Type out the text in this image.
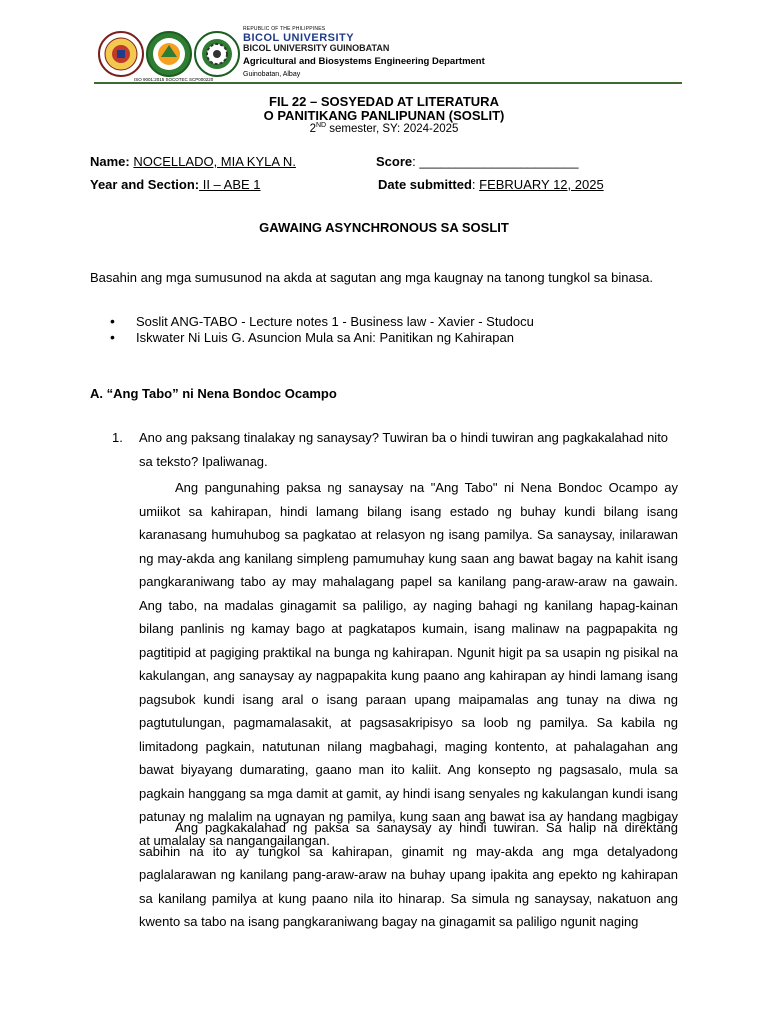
ISO 9001:2015 SOCOTEC SCP000220
REPUBLIC OF THE PHILIPPINES
BICOL UNIVERSITY
BICOL UNIVERSITY GUINOBATAN
Agricultural and Biosystems Engineering Department
Guinobatan, Albay
FIL 22 – SOSYEDAD AT LITERATURA
O PANITIKANG PANLIPUNAN (SOSLIT)
2ND semester, SY: 2024-2025
Name: NOCELLADO, MIA KYLA N.	Score: ______________________
Year and Section: II – ABE 1	Date submitted: FEBRUARY 12, 2025
GAWAING ASYNCHRONOUS SA SOSLIT
Basahin ang mga sumusunod na akda at sagutan ang mga kaugnay na tanong tungkol sa binasa.
• Soslit ANG-TABO - Lecture notes 1 - Business law - Xavier - Studocu
• Iskwater Ni Luis G. Asuncion Mula sa Ani: Panitikan ng Kahirapan
A. “Ang Tabo” ni Nena Bondoc Ocampo
1.	Ano ang paksang tinalakay ng sanaysay? Tuwiran ba o hindi tuwiran ang pagkakalahad nito sa teksto? Ipaliwanag.

Ang pangunahing paksa ng sanaysay na "Ang Tabo" ni Nena Bondoc Ocampo ay umiikot sa kahirapan, hindi lamang bilang isang estado ng buhay kundi bilang isang karanasang humuhubog sa pagkatao at relasyon ng isang pamilya. Sa sanaysay, inilarawan ng may-akda ang kanilang simpleng pamumuhay kung saan ang bawat bagay na kahit isang pangkaraniwang tabo ay may mahalagang papel sa kanilang pang-araw-araw na gawain. Ang tabo, na madalas ginagamit sa paliligo, ay naging bahagi ng kanilang hapag-kainan bilang panlinis ng kamay bago at pagkatapos kumain, isang malinaw na pagpapakita ng pagtitipid at pagiging praktikal na bunga ng kahirapan. Ngunit higit pa sa usapin ng pisikal na kakulangan, ang sanaysay ay nagpapakita kung paano ang kahirapan ay hindi lamang isang pagsubok kundi isang aral o isang paraan upang maipamalas ang tunay na diwa ng pagtutulungan, pagmamalasakit, at pagsasakripisyo sa loob ng pamilya. Sa kabila ng limitadong pagkain, natutunan nilang magbahagi, maging kontento, at pahalagahan ang bawat biyayang dumarating, gaano man ito kaliit. Ang konsepto ng pagsasalo, mula sa pagkain hanggang sa mga damit at gamit, ay hindi isang senyales ng kakulangan kundi isang patunay ng malalim na ugnayan ng pamilya, kung saan ang bawat isa ay handang magbigay at umalalay sa nangangailangan.

Ang pagkakalahad ng paksa sa sanaysay ay hindi tuwiran. Sa halip na direktang sabihin na ito ay tungkol sa kahirapan, ginamit ng may-akda ang mga detalyadong paglalarawan ng kanilang pang-araw-araw na buhay upang ipakita ang epekto ng kahirapan sa kanilang pamilya at kung paano nila ito hinarap. Sa simula ng sanaysay, nakatuon ang kwento sa tabo na isang pangkaraniwang bagay na ginagamit sa paliligo ngunit naging
